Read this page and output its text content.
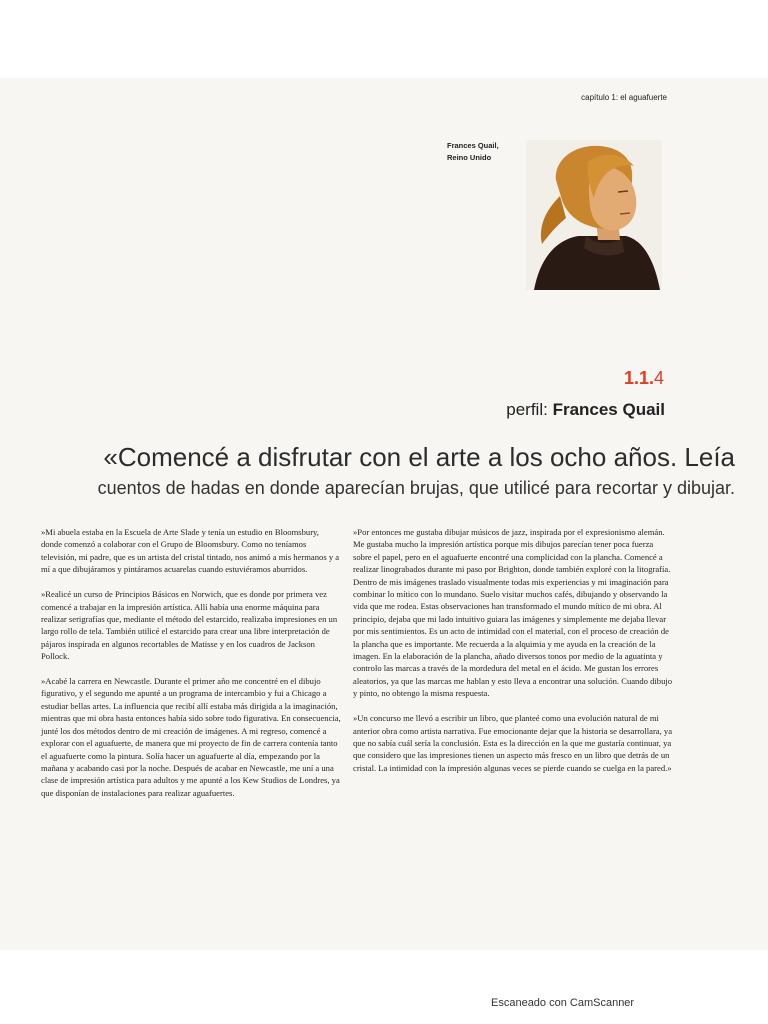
capítulo 1: el aguafuerte
Frances Quail,
Reino Unido
1.1.4
perfil: Frances Quail
«Comencé a disfrutar con el arte a los ocho años. Leía
cuentos de hadas en donde aparecían brujas, que utilicé para recortar y dibujar.

»Mi abuela estaba en la Escuela de Arte Slade y tenía un estudio en Bloomsbury, donde comenzó a colaborar con el Grupo de Bloomsbury. Como no teníamos televisión, mi padre, que es un artista del cristal tintado, nos animó a mis hermanos y a mí a que dibujáramos y pintáramos acuarelas cuando estuviéramos aburridos.

»Realicé un curso de Principios Básicos en Norwich, que es donde por primera vez comencé a trabajar en la impresión artística. Allí había una enorme máquina para realizar serigrafías que, mediante el método del estarcido, realizaba impresiones en un largo rollo de tela. También utilicé el estarcido para crear una libre interpretación de pájaros inspirada en algunos recortables de Matisse y en los cuadros de Jackson Pollock.

»Acabé la carrera en Newcastle. Durante el primer año me concentré en el dibujo figurativo, y el segundo me apunté a un programa de intercambio y fui a Chicago a estudiar bellas artes. La influencia que recibí allí estaba más dirigida a la imaginación, mientras que mi obra hasta entonces había sido sobre todo figurativa. En consecuencia, junté los dos métodos dentro de mi creación de imágenes. A mi regreso, comencé a explorar con el aguafuerte, de manera que mi proyecto de fin de carrera contenía tanto el aguafuerte como la pintura. Solía hacer un aguafuerte al día, empezando por la mañana y acabando casi por la noche. Después de acabar en Newcastle, me uní a una clase de impresión artística para adultos y me apunté a los Kew Studios de Londres, ya que disponían de instalaciones para realizar aguafuertes.

»Por entonces me gustaba dibujar músicos de jazz, inspirada por el expresionismo alemán. Me gustaba mucho la impresión artística porque mis dibujos parecían tener poca fuerza sobre el papel, pero en el aguafuerte encontré una complicidad con la plancha. Comencé a realizar linograbados durante mi paso por Brighton, donde también exploré con la litografía. Dentro de mis imágenes traslado visualmente todas mis experiencias y mi imaginación para combinar lo mítico con lo mundano. Suelo visitar muchos cafés, dibujando y observando la vida que me rodea. Estas observaciones han transformado el mundo mítico de mi obra. Al principio, dejaba que mi lado intuitivo guiara las imágenes y simplemente me dejaba llevar por mis sentimientos. Es un acto de intimidad con el material, con el proceso de creación de la plancha que es importante. Me recuerda a la alquimia y me ayuda en la creación de la imagen. En la elaboración de la plancha, añado diversos tonos por medio de la aguatinta y controlo las marcas a través de la mordedura del metal en el ácido. Me gustan los errores aleatorios, ya que las marcas me hablan y esto lleva a encontrar una solución. Cuando dibujo y pinto, no obtengo la misma respuesta.

»Un concurso me llevó a escribir un libro, que planteé como una evolución natural de mi anterior obra como artista narrativa. Fue emocionante dejar que la historia se desarrollara, ya que no sabía cuál sería la conclusión. Esta es la dirección en la que me gustaría continuar, ya que considero que las impresiones tienen un aspecto más fresco en un libro que detrás de un cristal. La intimidad con la impresión algunas veces se pierde cuando se cuelga en la pared.»

Escaneado con CamScanner
